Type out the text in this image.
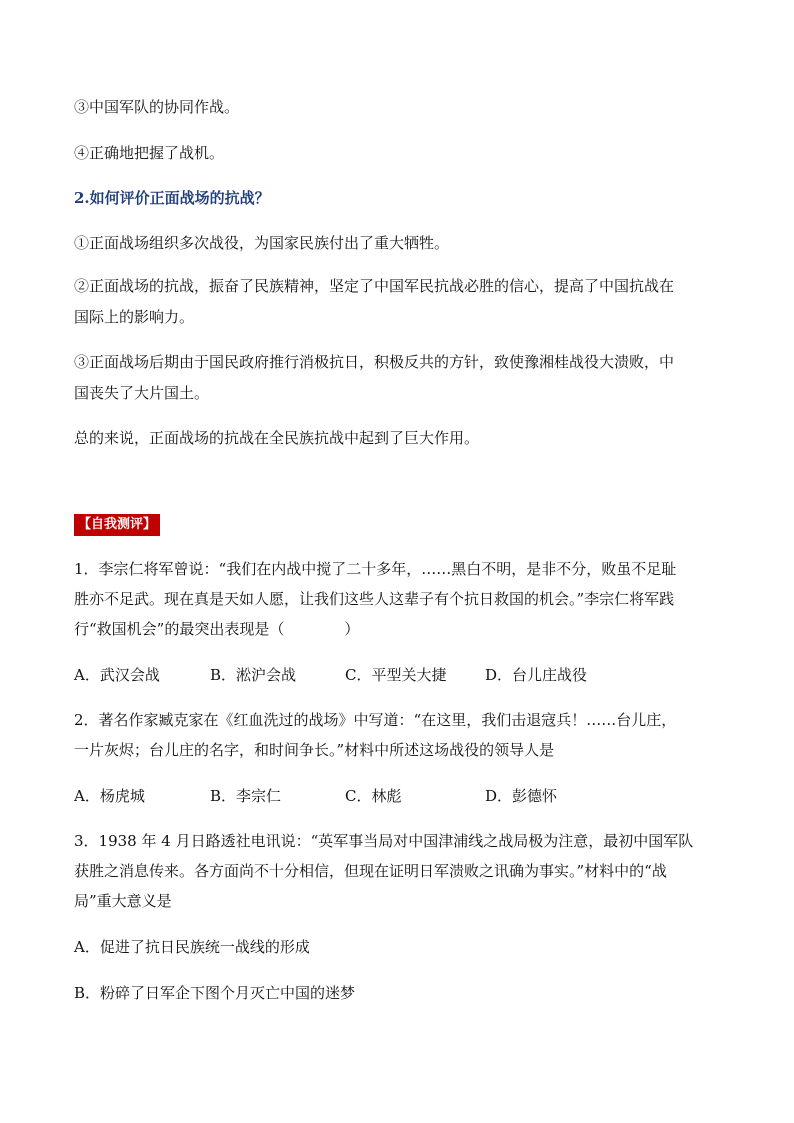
③中国军队的协同作战。
④正确地把握了战机。
2.如何评价正面战场的抗战？
①正面战场组织多次战役，为国家民族付出了重大牺牲。
②正面战场的抗战，振奋了民族精神，坚定了中国军民抗战必胜的信心，提高了中国抗战在
国际上的影响力。
③正面战场后期由于国民政府推行消极抗日，积极反共的方针，致使豫湘桂战役大溃败，中
国丧失了大片国土。
总的来说，正面战场的抗战在全民族抗战中起到了巨大作用。
【自我测评】
1．李宗仁将军曾说：“我们在内战中搅了二十多年，……黑白不明，是非不分，败虽不足耻
胜亦不足武。现在真是天如人愿，让我们这些人这辈子有个抗日救国的机会。”李宗仁将军践
行“救国机会”的最突出表现是（　　　　）
A．武汉会战	B．淞沪会战	C．平型关大捷	D．台儿庄战役
2．著名作家臧克家在《红血洗过的战场》中写道：“在这里，我们击退寇兵！……台儿庄，
一片灰烬；台儿庄的名字，和时间争长。”材料中所述这场战役的领导人是
A．杨虎城	B．李宗仁	C．林彪	D．彭德怀
3．1938 年 4 月日路透社电讯说：“英军事当局对中国津浦线之战局极为注意，最初中国军队
获胜之消息传来。各方面尚不十分相信，但现在证明日军溃败之讯确为事实。”材料中的“战
局”重大意义是
A．促进了抗日民族统一战线的形成
B．粉碎了日军企下图个月灭亡中国的迷梦
